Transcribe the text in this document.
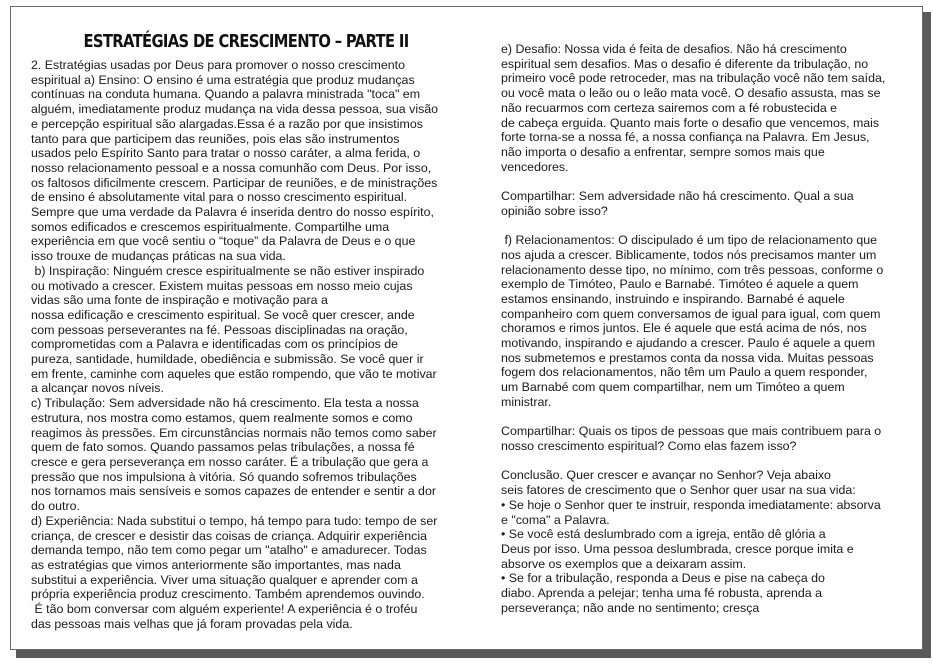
ESTRATÉGIAS DE CRESCIMENTO – PARTE II

2. Estratégias usadas por Deus para promover o nosso crescimento
espiritual a) Ensino: O ensino é uma estratégia que produz mudanças
contínuas na conduta humana. Quando a palavra ministrada "toca" em
alguém, imediatamente produz mudança na vida dessa pessoa, sua visão
e percepção espiritual são alargadas.Essa é a razão por que insistimos
tanto para que participem das reuniões, pois elas são instrumentos
usados pelo Espírito Santo para tratar o nosso caráter, a alma ferida, o
nosso relacionamento pessoal e a nossa comunhão com Deus. Por isso,
os faltosos dificilmente crescem. Participar de reuniões, e de ministrações
de ensino é absolutamente vital para o nosso crescimento espiritual.
Sempre que uma verdade da Palavra é inserida dentro do nosso espírito,
somos edificados e crescemos espiritualmente. Compartilhe uma
experiência em que você sentiu o “toque” da Palavra de Deus e o que
isso trouxe de mudanças práticas na sua vida.
b) Inspiração: Ninguém cresce espiritualmente se não estiver inspirado
ou motivado a crescer. Existem muitas pessoas em nosso meio cujas
vidas são uma fonte de inspiração e motivação para a
nossa edificação e crescimento espiritual. Se você quer crescer, ande
com pessoas perseverantes na fé. Pessoas disciplinadas na oração,
comprometidas com a Palavra e identificadas com os princípios de
pureza, santidade, humildade, obediência e submissão. Se você quer ir
em frente, caminhe com aqueles que estão rompendo, que vão te motivar
a alcançar novos níveis.
c) Tribulação: Sem adversidade não há crescimento. Ela testa a nossa
estrutura, nos mostra como estamos, quem realmente somos e como
reagimos às pressões. Em circunstâncias normais não temos como saber
quem de fato somos. Quando passamos pelas tribulações, a nossa fé
cresce e gera perseverança em nosso caráter. É a tribulação que gera a
pressão que nos impulsiona à vitória. Só quando sofremos tribulações
nos tornamos mais sensíveis e somos capazes de entender e sentir a dor
do outro.
d) Experiência: Nada substitui o tempo, há tempo para tudo: tempo de ser
criança, de crescer e desistir das coisas de criança. Adquirir experiência
demanda tempo, não tem como pegar um "atalho" e amadurecer. Todas
as estratégias que vimos anteriormente são importantes, mas nada
substitui a experiência. Viver uma situação qualquer e aprender com a
própria experiência produz crescimento. Também aprendemos ouvindo.
É tão bom conversar com alguém experiente! A experiência é o troféu
das pessoas mais velhas que já foram provadas pela vida.

e) Desafio: Nossa vida é feita de desafios. Não há crescimento
espiritual sem desafios. Mas o desafio é diferente da tribulação, no
primeiro você pode retroceder, mas na tribulação você não tem saída,
ou você mata o leão ou o leão mata você. O desafio assusta, mas se
não recuarmos com certeza sairemos com a fé robustecida e
de cabeça erguida. Quanto mais forte o desafio que vencemos, mais
forte torna-se a nossa fé, a nossa confiança na Palavra. Em Jesus,
não importa o desafio a enfrentar, sempre somos mais que
vencedores.

Compartilhar: Sem adversidade não há crescimento. Qual a sua
opinião sobre isso?

f) Relacionamentos: O discipulado é um tipo de relacionamento que
nos ajuda a crescer. Biblicamente, todos nós precisamos manter um
relacionamento desse tipo, no mínimo, com três pessoas, conforme o
exemplo de Timóteo, Paulo e Barnabé. Timóteo é aquele a quem
estamos ensinando, instruindo e inspirando. Barnabé é aquele
companheiro com quem conversamos de igual para igual, com quem
choramos e rimos juntos. Ele é aquele que está acima de nós, nos
motivando, inspirando e ajudando a crescer. Paulo é aquele a quem
nos submetemos e prestamos conta da nossa vida. Muitas pessoas
fogem dos relacionamentos, não têm um Paulo a quem responder,
um Barnabé com quem compartilhar, nem um Timóteo a quem
ministrar.

Compartilhar: Quais os tipos de pessoas que mais contribuem para o
nosso crescimento espiritual? Como elas fazem isso?

Conclusão. Quer crescer e avançar no Senhor? Veja abaixo
seis fatores de crescimento que o Senhor quer usar na sua vida:
• Se hoje o Senhor quer te instruir, responda imediatamente: absorva
e "coma" a Palavra.
• Se você está deslumbrado com a igreja, então dê glória a
Deus por isso. Uma pessoa deslumbrada, cresce porque imita e
absorve os exemplos que a deixaram assim.
• Se for a tribulação, responda a Deus e pise na cabeça do
diabo. Aprenda a pelejar; tenha uma fé robusta, aprenda a
perseverança; não ande no sentimento; cresça
